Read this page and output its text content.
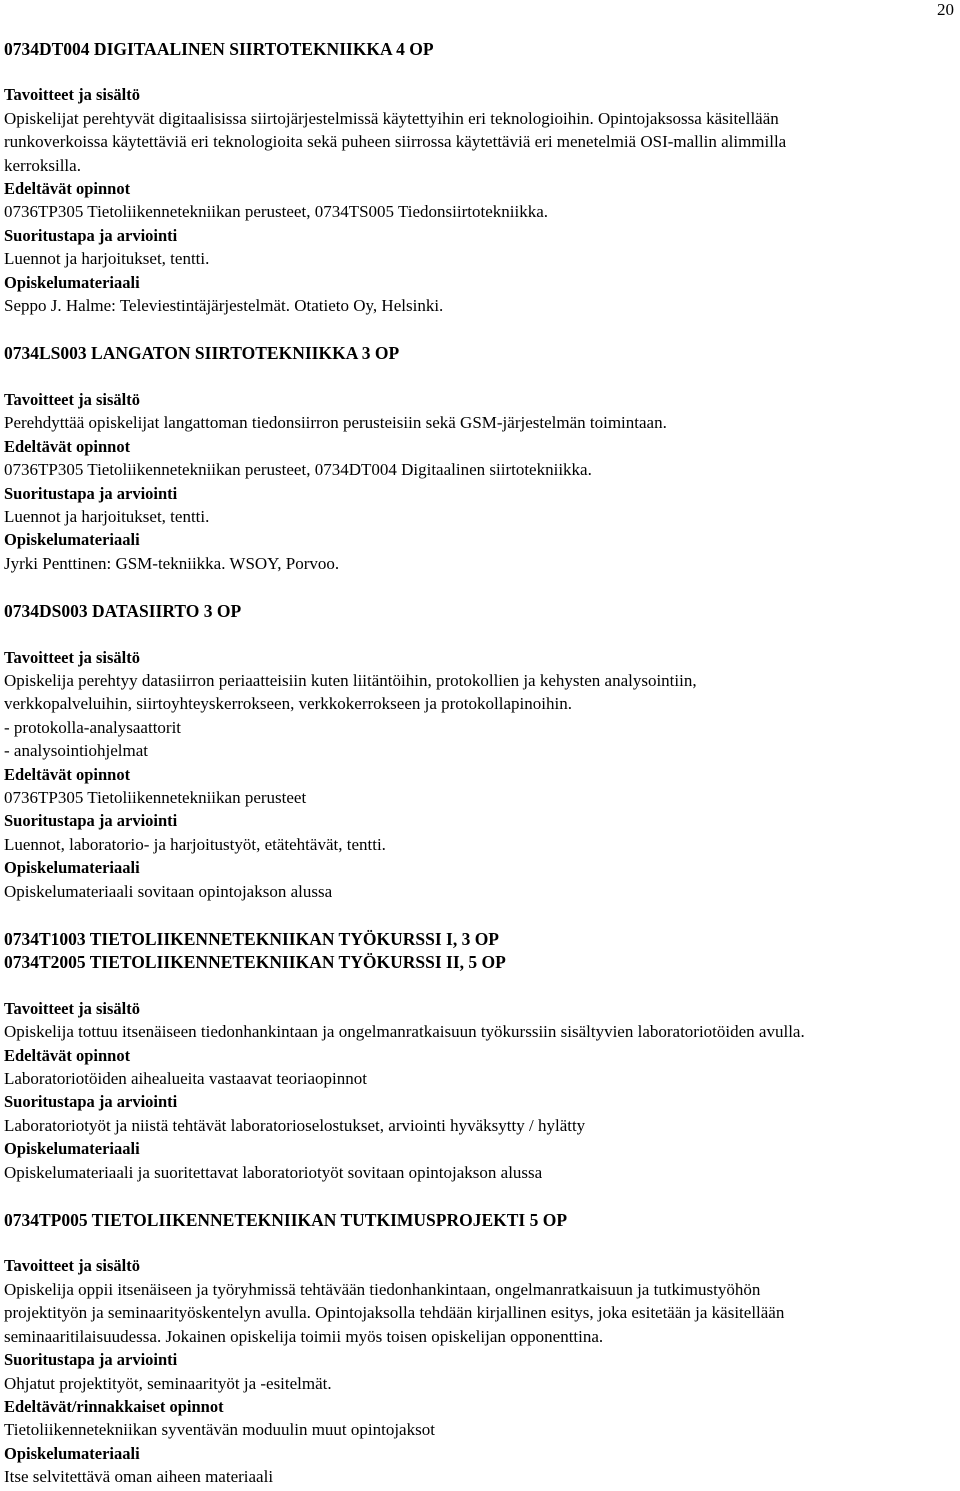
20
0734DT004 DIGITAALINEN SIIRTOTEKNIIKKA 4 OP
Tavoitteet ja sisältö
Opiskelijat perehtyvät digitaalisissa siirtojärjestelmissä käytettyihin eri teknologioihin. Opintojaksossa käsitellään
runkoverkoissa käytettäviä eri teknologioita sekä puheen siirrossa käytettäviä eri menetelmiä OSI-mallin alimmilla
kerroksilla.
Edeltävät opinnot
0736TP305 Tietoliikennetekniikan perusteet, 0734TS005 Tiedonsiirtotekniikka.
Suoritustapa ja arviointi
Luennot ja harjoitukset, tentti.
Opiskelumateriaali
Seppo J. Halme: Televiestintäjärjestelmät. Otatieto Oy, Helsinki.
0734LS003 LANGATON SIIRTOTEKNIIKKA 3 OP
Tavoitteet ja sisältö
Perehdyttää opiskelijat langattoman tiedonsiirron perusteisiin sekä GSM-järjestelmän toimintaan.
Edeltävät opinnot
0736TP305 Tietoliikennetekniikan perusteet, 0734DT004 Digitaalinen siirtotekniikka.
Suoritustapa ja arviointi
Luennot ja harjoitukset, tentti.
Opiskelumateriaali
Jyrki Penttinen: GSM-tekniikka. WSOY, Porvoo.
0734DS003 DATASIIRTO 3 OP
Tavoitteet ja sisältö
Opiskelija perehtyy datasiirron periaatteisiin kuten liitäntöihin, protokollien ja kehysten analysointiin,
verkkopalveluihin, siirtoyhteyskerrokseen, verkkokerrokseen ja protokollapinoihin.
- protokolla-analysaattorit
- analysointiohjelmat
Edeltävät opinnot
0736TP305 Tietoliikennetekniikan perusteet
Suoritustapa ja arviointi
Luennot, laboratorio- ja harjoitustyöt, etätehtävät, tentti.
Opiskelumateriaali
Opiskelumateriaali sovitaan opintojakson alussa
0734T1003 TIETOLIIKENNETEKNIIKAN TYÖKURSSI I, 3 OP
0734T2005 TIETOLIIKENNETEKNIIKAN TYÖKURSSI II, 5 OP
Tavoitteet ja sisältö
Opiskelija tottuu itsenäiseen tiedonhankintaan ja ongelmanratkaisuun työkurssiin sisältyvien laboratoriotöiden avulla.
Edeltävät opinnot
Laboratoriotöiden aihealueita vastaavat teoriaopinnot
Suoritustapa ja arviointi
Laboratoriotyöt ja niistä tehtävät laboratorioselostukset, arviointi hyväksytty / hylätty
Opiskelumateriaali
Opiskelumateriaali ja suoritettavat laboratoriotyöt sovitaan opintojakson alussa
0734TP005 TIETOLIIKENNETEKNIIKAN TUTKIMUSPROJEKTI 5 OP
Tavoitteet ja sisältö
Opiskelija oppii itsenäiseen ja työryhmissä tehtävään tiedonhankintaan, ongelmanratkaisuun ja tutkimustyöhön
projektityön ja seminaarityöskentelyn avulla. Opintojaksolla tehdään kirjallinen esitys, joka esitetään ja käsitellään
seminaaritilaisuudessa. Jokainen opiskelija toimii myös toisen opiskelijan opponenttina.
Suoritustapa ja arviointi
Ohjatut projektityöt, seminaarityöt ja -esitelmät.
Edeltävät/rinnakkaiset opinnot
Tietoliikennetekniikan syventävän moduulin muut opintojaksot
Opiskelumateriaali
Itse selvitettävä oman aiheen materiaali
